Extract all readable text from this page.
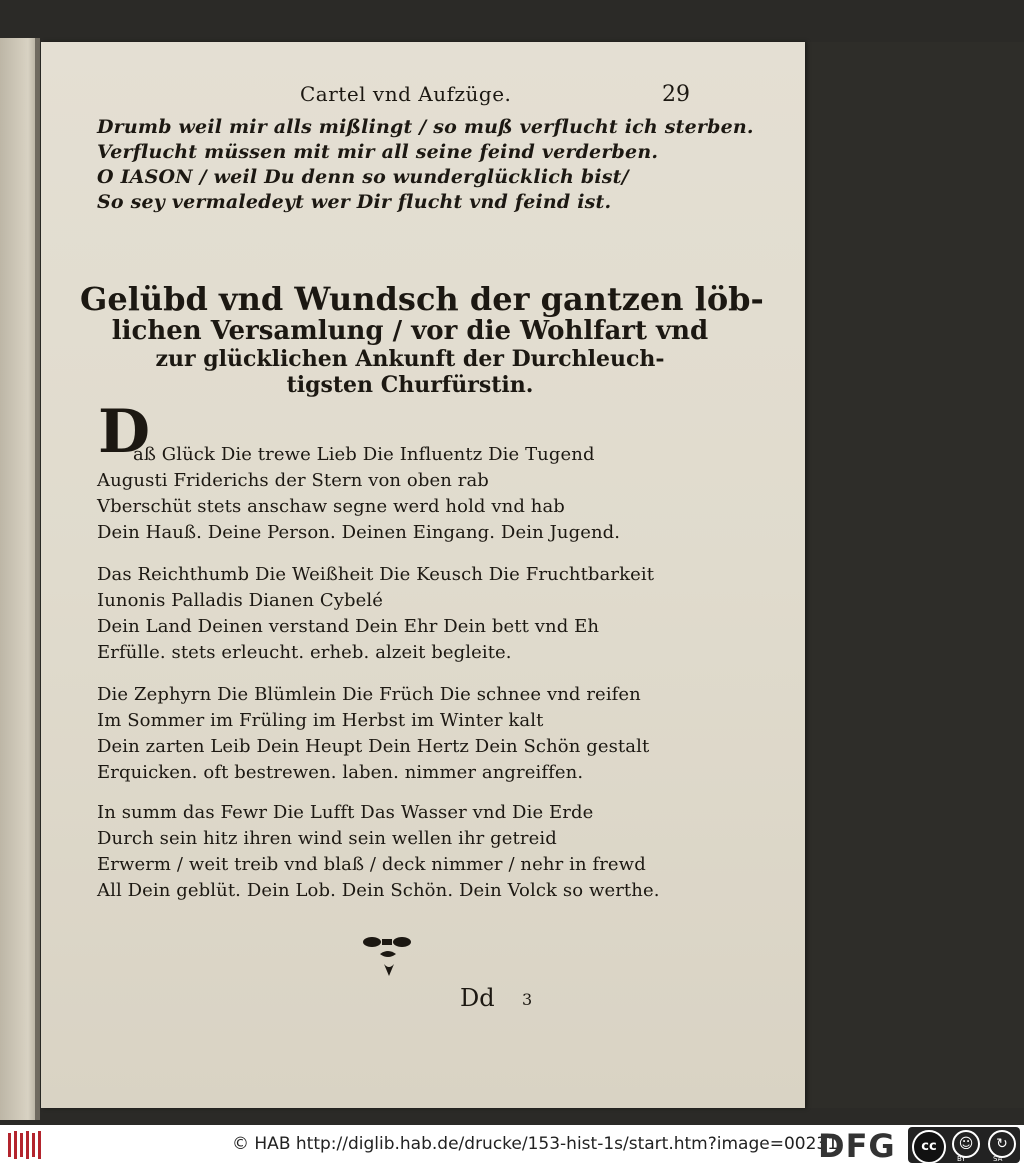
Cartel vnd Aufzüge.	29
Drumb weil mir alls mißlingt / so muß verflucht ich sterben.
Verflucht müssen mit mir all seine feind verderben.
O IASON / weil Du denn so wunderglücklich bist/
So sey vermaledeyt wer Dir flucht vnd feind ist.
Gelübd vnd Wundsch der gantzen löb-
lichen Versamlung / vor die Wohlfart vnd
zur glücklichen Ankunft der Durchleuch-
tigsten Churfürstin.
D
aß Glück Die trewe Lieb Die Influentz Die Tugend
Augusti Friderichs der Stern von oben rab
Vberschüt stets anschaw segne werd hold vnd hab
Dein Hauß. Deine Person. Deinen Eingang. Dein Jugend.
Das Reichthumb Die Weißheit Die Keusch Die Fruchtbarkeit
Iunonis Palladis Dianen Cybelé
Dein Land Deinen verstand Dein Ehr Dein bett vnd Eh
Erfülle. stets erleucht. erheb. alzeit begleite.
Die Zephyrn Die Blümlein Die Früch Die schnee vnd reifen
Im Sommer im Früling im Herbst im Winter kalt
Dein zarten Leib Dein Heupt Dein Hertz Dein Schön gestalt
Erquicken. oft bestrewen. laben. nimmer angreiffen.
In summ das Fewr Die Lufft Das Wasser vnd Die Erde
Durch sein hitz ihren wind sein wellen ihr getreid
Erwerm / weit treib vnd blaß / deck nimmer / nehr in frewd
All Dein geblüt. Dein Lob. Dein Schön. Dein Volck so werthe.
Dd 3
© HAB http://diglib.hab.de/drucke/153-hist-1s/start.htm?image=00231
DFG	cc	☺	↻
BY	SA
